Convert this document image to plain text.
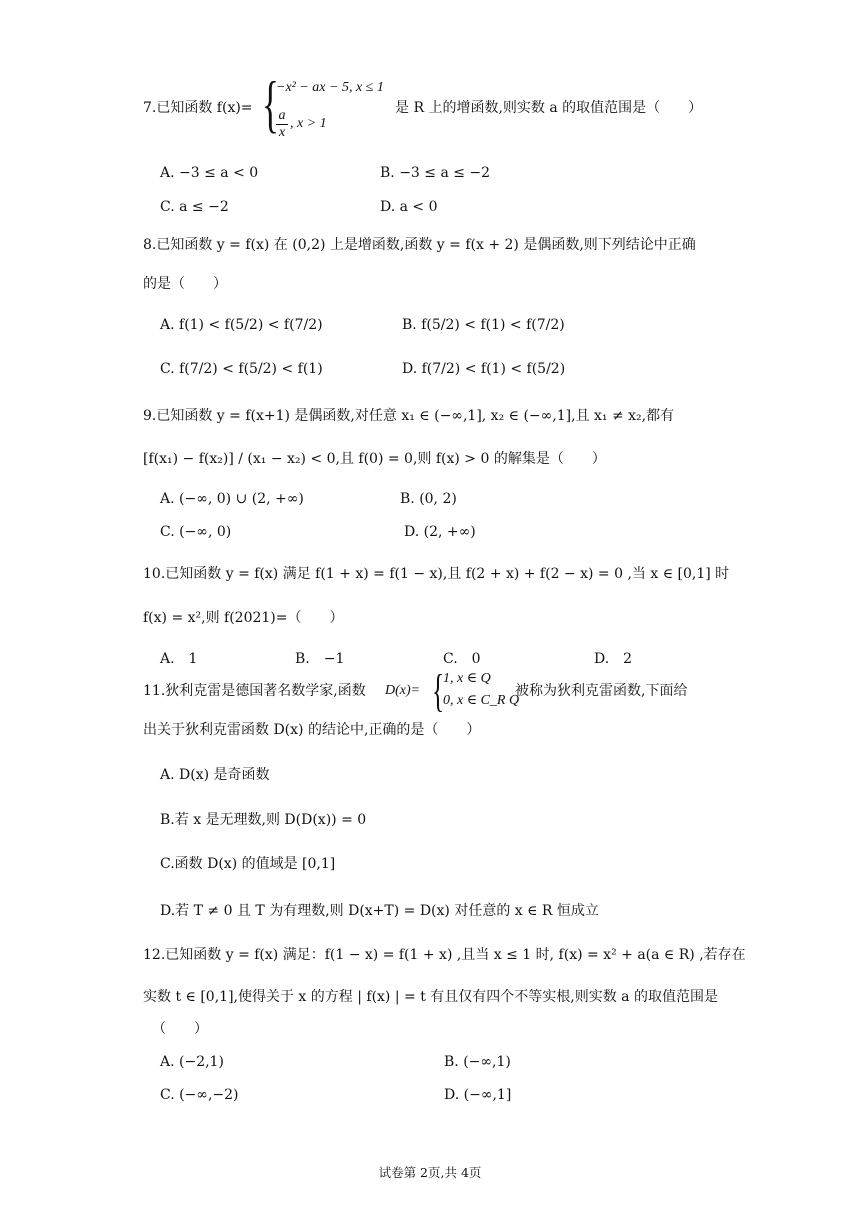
7.已知函数 f(x)= {
−x² − ax − 5, x ≤ 1
$\frac{a}{x}$ , x > 1
是 R 上的增函数,则实数 a 的取值范围是（　　）
A. −3 ≤ a < 0	B. −3 ≤ a ≤ −2
C. a ≤ −2	D. a < 0
8.已知函数 y = f(x) 在 (0,2) 上是增函数,函数 y = f(x + 2) 是偶函数,则下列结论中正确
的是（　　）
A. f(1) < f(5/2) < f(7/2)	B. f(5/2) < f(1) < f(7/2)
C. f(7/2) < f(5/2) < f(1)	D. f(7/2) < f(1) < f(5/2)
9.已知函数 y = f(x+1) 是偶函数,对任意 x₁ ∈ (−∞,1], x₂ ∈ (−∞,1],且 x₁ ≠ x₂,都有
[f(x₁) − f(x₂)] / (x₁ − x₂) < 0,且 f(0) = 0,则 f(x) > 0 的解集是（　　）
A. (−∞, 0) ∪ (2, +∞)	B. (0, 2)
C. (−∞, 0)	D. (2, +∞)
10.已知函数 y = f(x) 满足 f(1 + x) = f(1 − x),且 f(2 + x) + f(2 − x) = 0 ,当 x ∈ [0,1] 时
f(x) = x²,则 f(2021)=（　　）
A.　1	B.　−1	C.　0	D.　2
11.狄利克雷是德国著名数学家,函数 D(x)= {
1, x ∈ Q
0, x ∈ C_R Q
被称为狄利克雷函数,下面给
出关于狄利克雷函数 D(x) 的结论中,正确的是（　　）
A. D(x) 是奇函数
B.若 x 是无理数,则 D(D(x)) = 0
C.函数 D(x) 的值域是 [0,1]
D.若 T ≠ 0 且 T 为有理数,则 D(x+T) = D(x) 对任意的 x ∈ R 恒成立
12.已知函数 y = f(x) 满足：f(1 − x) = f(1 + x) ,且当 x ≤ 1 时, f(x) = x² + a(a ∈ R) ,若存在
实数 t ∈ [0,1],使得关于 x 的方程 | f(x) | = t 有且仅有四个不等实根,则实数 a 的取值范围是
（　　）
A. (−2,1)	B. (−∞,1)
C. (−∞,−2)	D. (−∞,1]
试卷第 2页,共 4页
